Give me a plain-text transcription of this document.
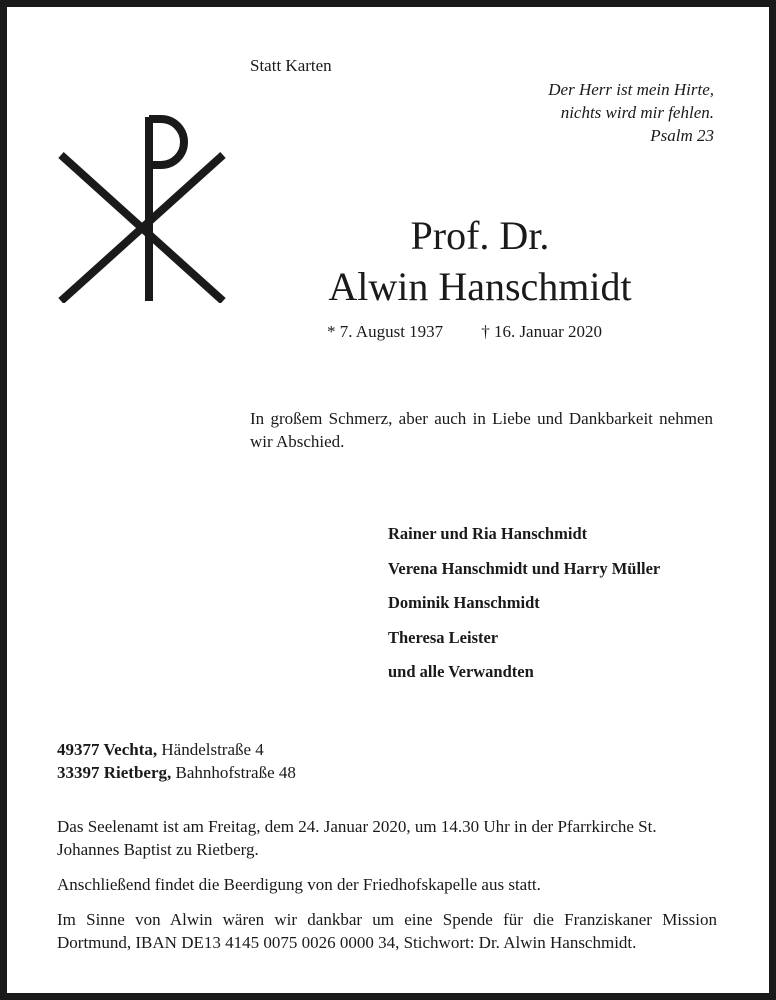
Statt Karten
Der Herr ist mein Hirte,
nichts wird mir fehlen.
Psalm 23
Prof. Dr.
Alwin Hanschmidt
* 7. August 1937 † 16. Januar 2020
In großem Schmerz, aber auch in Liebe und Dankbarkeit nehmen wir Abschied.
Rainer und Ria Hanschmidt
Verena Hanschmidt und Harry Müller
Dominik Hanschmidt
Theresa Leister
und alle Verwandten
49377 Vechta, Händelstraße 4
33397 Rietberg, Bahnhofstraße 48
Das Seelenamt ist am Freitag, dem 24. Januar 2020, um 14.30 Uhr in der Pfarrkirche St. Johannes Baptist zu Rietberg.
Anschließend findet die Beerdigung von der Friedhofskapelle aus statt.
Im Sinne von Alwin wären wir dankbar um eine Spende für die Franziskaner Mission Dortmund, IBAN DE13 4145 0075 0026 0000 34, Stichwort: Dr. Alwin Hanschmidt.
